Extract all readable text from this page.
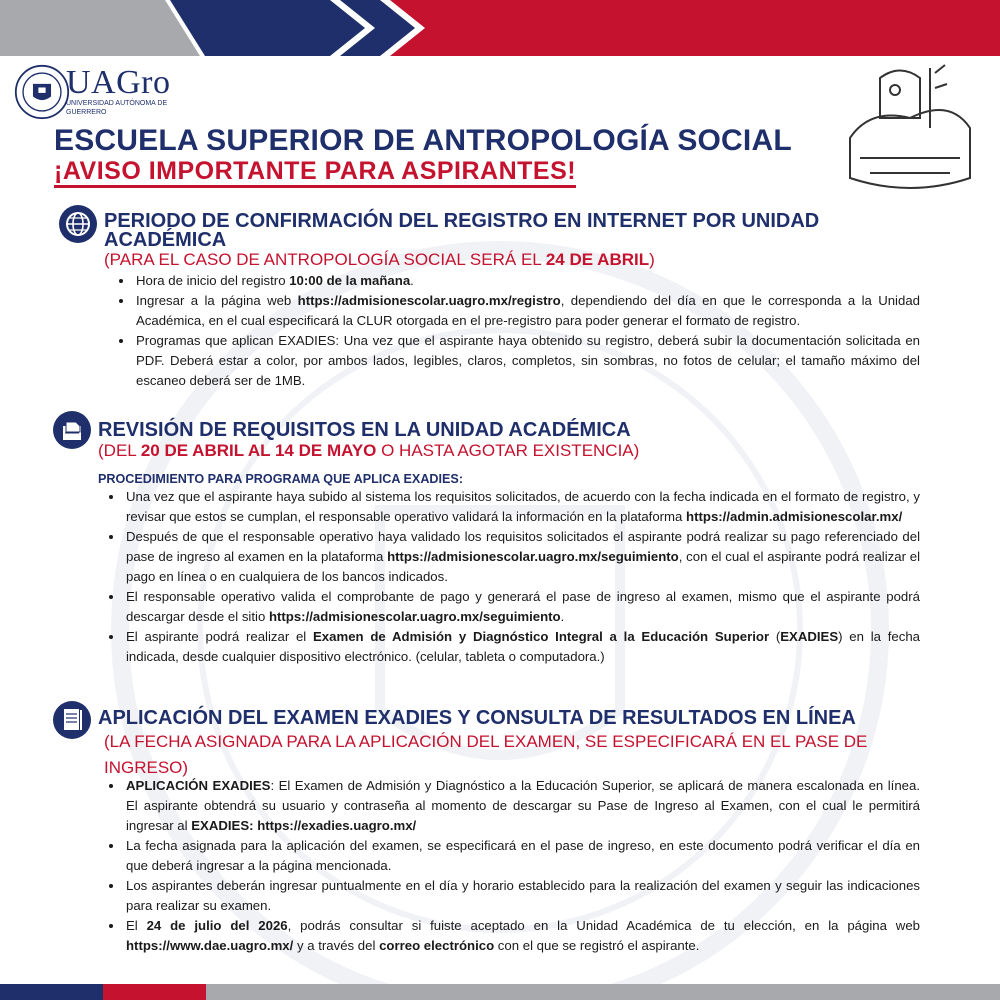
UAGro
UNIVERSIDAD AUTÓNOMA DE GUERRERO
ESCUELA SUPERIOR DE ANTROPOLOGÍA SOCIAL
¡AVISO IMPORTANTE PARA ASPIRANTES!
PERIODO DE CONFIRMACIÓN DEL REGISTRO EN INTERNET POR UNIDAD ACADÉMICA
(PARA EL CASO DE ANTROPOLOGÍA SOCIAL SERÁ EL 24 DE ABRIL)
• Hora de inicio del registro 10:00 de la mañana.
• Ingresar a la página web https://admisionescolar.uagro.mx/registro, dependiendo del día en que le corresponda a la Unidad Académica, en el cual especificará la CLUR otorgada en el pre-registro para poder generar el formato de registro.
• Programas que aplican EXADIES: Una vez que el aspirante haya obtenido su registro, deberá subir la documentación solicitada en PDF. Deberá estar a color, por ambos lados, legibles, claros, completos, sin sombras, no fotos de celular; el tamaño máximo del escaneo deberá ser de 1MB.
REVISIÓN DE REQUISITOS EN LA UNIDAD ACADÉMICA
(DEL 20 DE ABRIL AL 14 DE MAYO O HASTA AGOTAR EXISTENCIA)
PROCEDIMIENTO PARA PROGRAMA QUE APLICA EXADIES:
• Una vez que el aspirante haya subido al sistema los requisitos solicitados, de acuerdo con la fecha indicada en el formato de registro, y revisar que estos se cumplan, el responsable operativo validará la información en la plataforma https://admin.admisionescolar.mx/
• Después de que el responsable operativo haya validado los requisitos solicitados el aspirante podrá realizar su pago referenciado del pase de ingreso al examen en la plataforma https://admisionescolar.uagro.mx/seguimiento, con el cual el aspirante podrá realizar el pago en línea o en cualquiera de los bancos indicados.
• El responsable operativo valida el comprobante de pago y generará el pase de ingreso al examen, mismo que el aspirante podrá descargar desde el sitio https://admisionescolar.uagro.mx/seguimiento.
• El aspirante podrá realizar el Examen de Admisión y Diagnóstico Integral a la Educación Superior (EXADIES) en la fecha indicada, desde cualquier dispositivo electrónico. (celular, tableta o computadora.)
APLICACIÓN DEL EXAMEN EXADIES Y CONSULTA DE RESULTADOS EN LÍNEA
(LA FECHA ASIGNADA PARA LA APLICACIÓN DEL EXAMEN, SE ESPECIFICARÁ EN EL PASE DE INGRESO)
• APLICACIÓN EXADIES: El Examen de Admisión y Diagnóstico a la Educación Superior, se aplicará de manera escalonada en línea. El aspirante obtendrá su usuario y contraseña al momento de descargar su Pase de Ingreso al Examen, con el cual le permitirá ingresar al EXADIES: https://exadies.uagro.mx/
• La fecha asignada para la aplicación del examen, se especificará en el pase de ingreso, en este documento podrá verificar el día en que deberá ingresar a la página mencionada.
• Los aspirantes deberán ingresar puntualmente en el día y horario establecido para la realización del examen y seguir las indicaciones para realizar su examen.
• El 24 de julio del 2026, podrás consultar si fuiste aceptado en la Unidad Académica de tu elección, en la página web https://www.dae.uagro.mx/ y a través del correo electrónico con el que se registró el aspirante.
